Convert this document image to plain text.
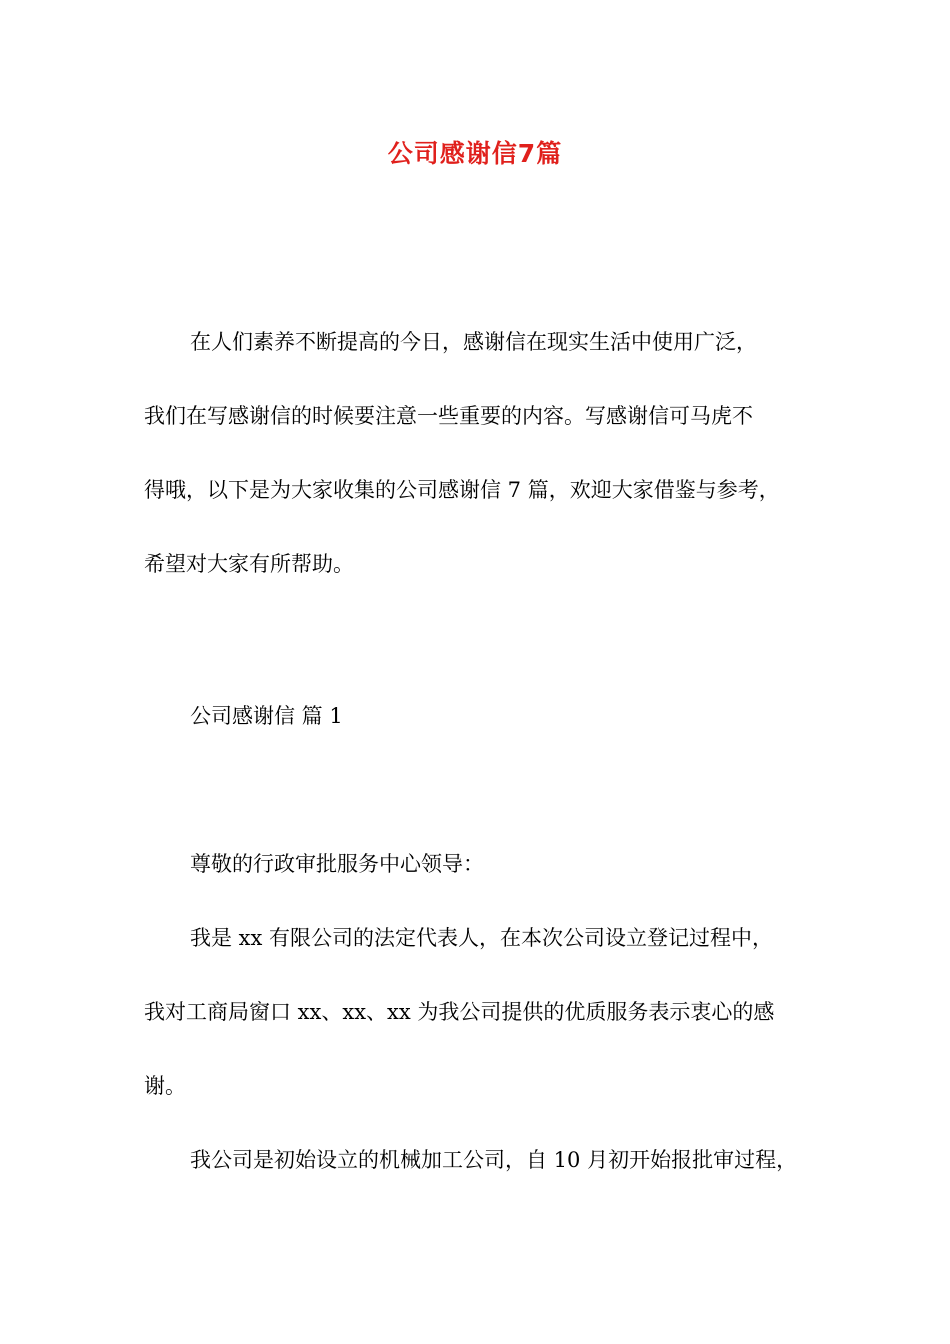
公司感谢信7篇
在人们素养不断提高的今日，感谢信在现实生活中使用广泛，
我们在写感谢信的时候要注意一些重要的内容。写感谢信可马虎不
得哦，以下是为大家收集的公司感谢信 7 篇，欢迎大家借鉴与参考，
希望对大家有所帮助。
公司感谢信 篇 1
尊敬的行政审批服务中心领导：
我是 xx 有限公司的法定代表人，在本次公司设立登记过程中，
我对工商局窗口 xx、xx、xx 为我公司提供的优质服务表示衷心的感
谢。
我公司是初始设立的机械加工公司，自 10 月初开始报批审过程，
